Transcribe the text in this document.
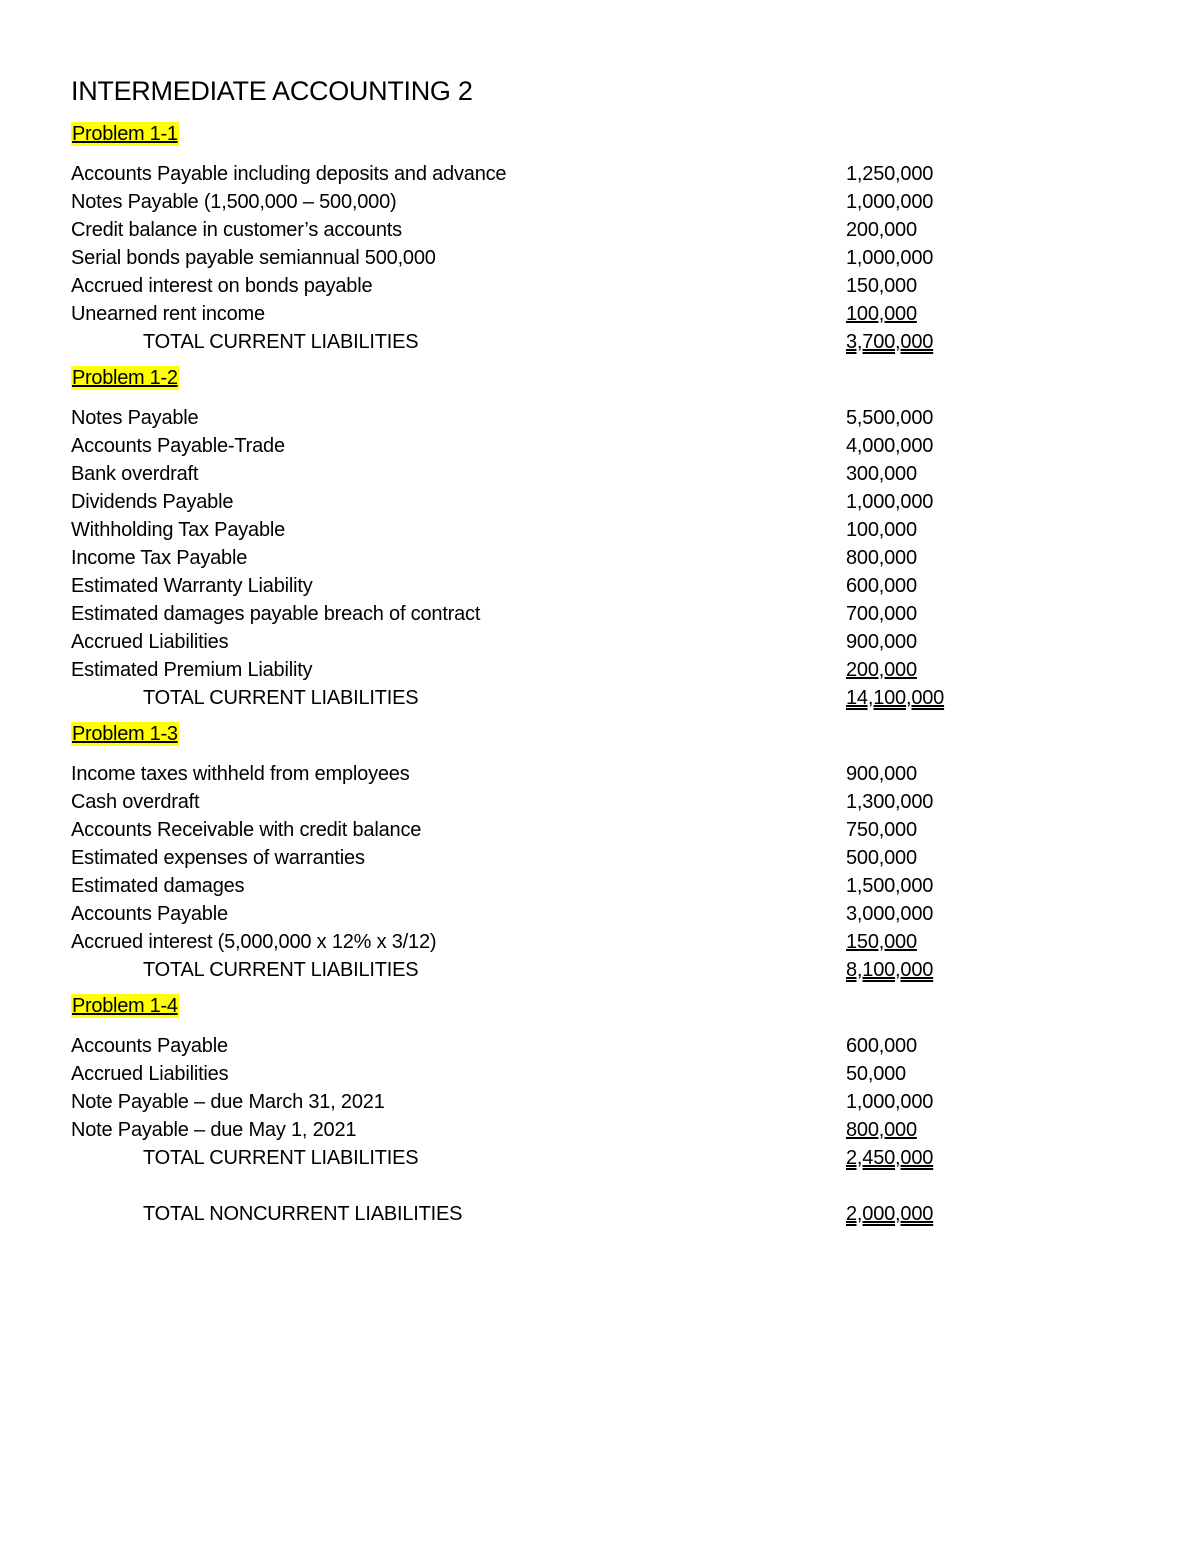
INTERMEDIATE ACCOUNTING 2
Problem 1-1
Accounts Payable including deposits and advance	1,250,000
Notes Payable (1,500,000 – 500,000)	1,000,000
Credit balance in customer’s accounts	200,000
Serial bonds payable semiannual 500,000	1,000,000
Accrued interest on bonds payable	150,000
Unearned rent income	100,000
TOTAL CURRENT LIABILITIES	3,700,000
Problem 1-2
Notes Payable	5,500,000
Accounts Payable-Trade	4,000,000
Bank overdraft	300,000
Dividends Payable	1,000,000
Withholding Tax Payable	100,000
Income Tax Payable	800,000
Estimated Warranty Liability	600,000
Estimated damages payable breach of contract	700,000
Accrued Liabilities	900,000
Estimated Premium Liability	200,000
TOTAL CURRENT LIABILITIES	14,100,000
Problem 1-3
Income taxes withheld from employees	900,000
Cash overdraft	1,300,000
Accounts Receivable with credit balance	750,000
Estimated expenses of warranties	500,000
Estimated damages	1,500,000
Accounts Payable	3,000,000
Accrued interest (5,000,000 x 12% x 3/12)	150,000
TOTAL CURRENT LIABILITIES	8,100,000
Problem 1-4
Accounts Payable	600,000
Accrued Liabilities	50,000
Note Payable – due March 31, 2021	1,000,000
Note Payable – due May 1, 2021	800,000
TOTAL CURRENT LIABILITIES	2,450,000
TOTAL NONCURRENT LIABILITIES	2,000,000
